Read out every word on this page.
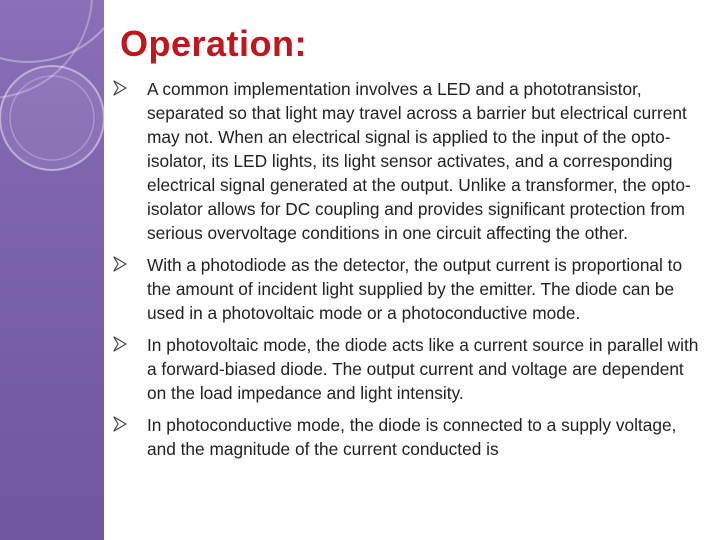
Operation:
A common implementation involves a LED and a phototransistor, separated so that light may travel across a barrier but electrical current may not. When an electrical signal is applied to the input of the opto-isolator, its LED lights, its light sensor activates, and a corresponding electrical signal generated at the output. Unlike a transformer, the opto-isolator allows for DC coupling and provides significant protection from serious overvoltage conditions in one circuit affecting the other.
With a photodiode as the detector, the output current is proportional to the amount of incident light supplied by the emitter. The diode can be used in a photovoltaic mode or a photoconductive mode.
In photovoltaic mode, the diode acts like a current source in parallel with a forward-biased diode. The output current and voltage are dependent on the load impedance and light intensity.
In photoconductive mode, the diode is connected to a supply voltage, and the magnitude of the current conducted is
